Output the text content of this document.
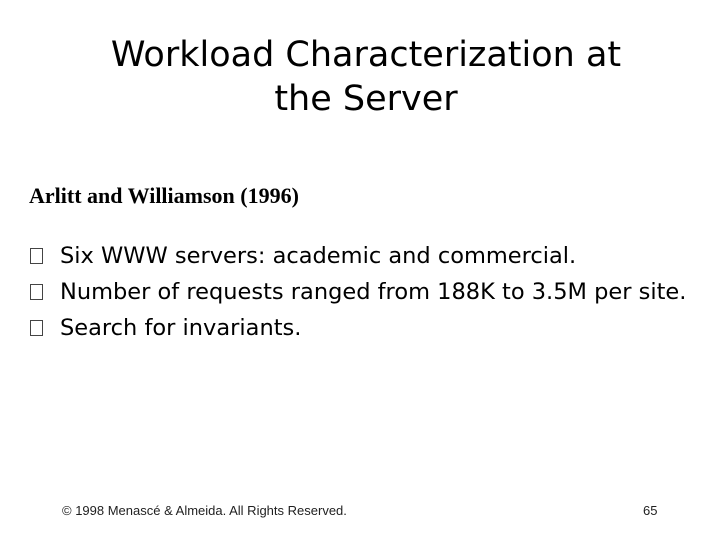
Workload Characterization at
the Server
Arlitt and Williamson (1996)
Six WWW servers: academic and commercial.
Number of requests ranged from 188K to 3.5M per site.
Search for invariants.
© 1998 Menascé & Almeida. All Rights Reserved.	65
